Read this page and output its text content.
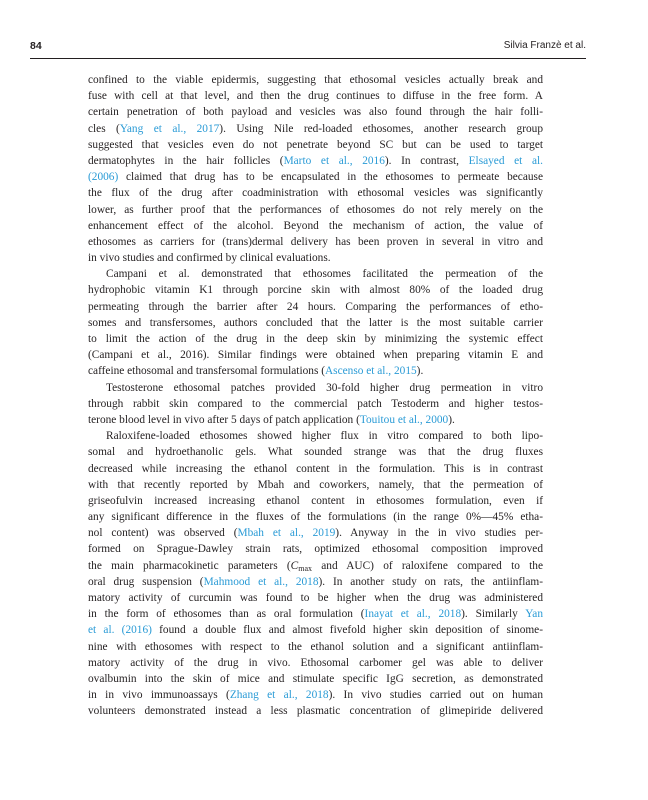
84	Silvia Franzè et al.
confined to the viable epidermis, suggesting that ethosomal vesicles actually break and
fuse with cell at that level, and then the drug continues to diffuse in the free form. A
certain penetration of both payload and vesicles was also found through the hair folli-
cles (Yang et al., 2017). Using Nile red-loaded ethosomes, another research group
suggested that vesicles even do not penetrate beyond SC but can be used to target
dermatophytes in the hair follicles (Marto et al., 2016). In contrast, Elsayed et al.
(2006) claimed that drug has to be encapsulated in the ethosomes to permeate because
the flux of the drug after coadministration with ethosomal vesicles was significantly
lower, as further proof that the performances of ethosomes do not rely merely on the
enhancement effect of the alcohol. Beyond the mechanism of action, the value of
ethosomes as carriers for (trans)dermal delivery has been proven in several in vitro and
in vivo studies and confirmed by clinical evaluations.
Campani et al. demonstrated that ethosomes facilitated the permeation of the
hydrophobic vitamin K1 through porcine skin with almost 80% of the loaded drug
permeating through the barrier after 24 hours. Comparing the performances of etho-
somes and transfersomes, authors concluded that the latter is the most suitable carrier
to limit the action of the drug in the deep skin by minimizing the systemic effect
(Campani et al., 2016). Similar findings were obtained when preparing vitamin E and
caffeine ethosomal and transfersomal formulations (Ascenso et al., 2015).
Testosterone ethosomal patches provided 30-fold higher drug permeation in vitro
through rabbit skin compared to the commercial patch Testoderm and higher testos-
terone blood level in vivo after 5 days of patch application (Touitou et al., 2000).
Raloxifene-loaded ethosomes showed higher flux in vitro compared to both lipo-
somal and hydroethanolic gels. What sounded strange was that the drug fluxes
decreased while increasing the ethanol content in the formulation. This is in contrast
with that recently reported by Mbah and coworkers, namely, that the permeation of
griseofulvin increased increasing ethanol content in ethosomes formulation, even if
any significant difference in the fluxes of the formulations (in the range 0%—45% etha-
nol content) was observed (Mbah et al., 2019). Anyway in the in vivo studies per-
formed on Sprague-Dawley strain rats, optimized ethosomal composition improved
the main pharmacokinetic parameters ($C_{max}$ and AUC) of raloxifene compared to the
oral drug suspension (Mahmood et al., 2018). In another study on rats, the antiinflam-
matory activity of curcumin was found to be higher when the drug was administered
in the form of ethosomes than as oral formulation (Inayat et al., 2018). Similarly Yan
et al. (2016) found a double flux and almost fivefold higher skin deposition of sinome-
nine with ethosomes with respect to the ethanol solution and a significant antiinflam-
matory activity of the drug in vivo. Ethosomal carbomer gel was able to deliver
ovalbumin into the skin of mice and stimulate specific IgG secretion, as demonstrated
in in vivo immunoassays (Zhang et al., 2018). In vivo studies carried out on human
volunteers demonstrated instead a less plasmatic concentration of glimepiride delivered
